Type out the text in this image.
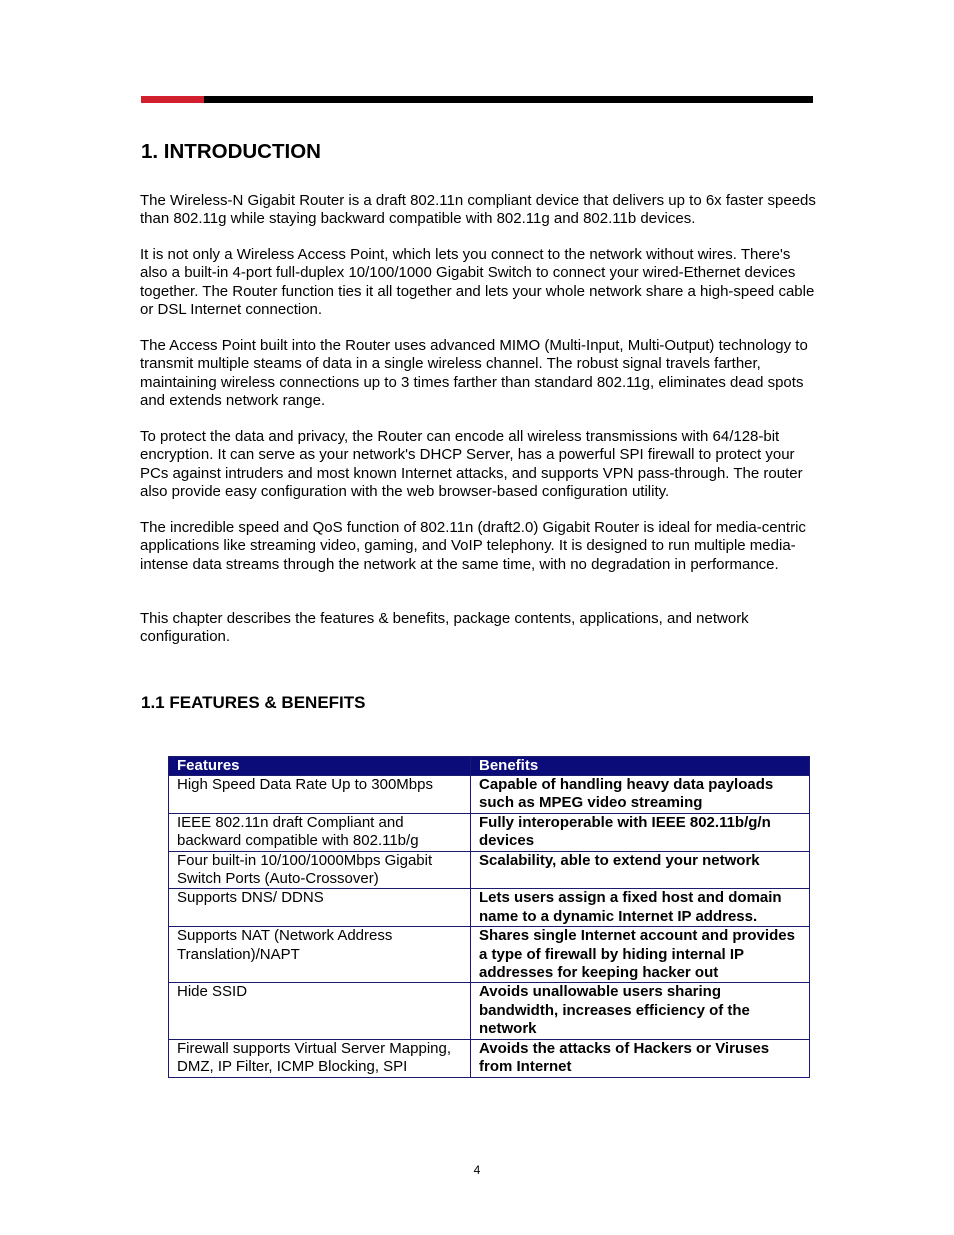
1. INTRODUCTION

The Wireless-N Gigabit Router is a draft 802.11n compliant device that delivers up to 6x faster speeds than 802.11g while staying backward compatible with 802.11g and 802.11b devices.

It is not only a Wireless Access Point, which lets you connect to the network without wires. There's also a built-in 4-port full-duplex 10/100/1000 Gigabit Switch to connect your wired-Ethernet devices together. The Router function ties it all together and lets your whole network share a high-speed cable or DSL Internet connection.

The Access Point built into the Router uses advanced MIMO (Multi-Input, Multi-Output) technology to transmit multiple steams of data in a single wireless channel. The robust signal travels farther, maintaining wireless connections up to 3 times farther than standard 802.11g, eliminates dead spots and extends network range.

To protect the data and privacy, the Router can encode all wireless transmissions with 64/128-bit encryption. It can serve as your network's DHCP Server, has a powerful SPI firewall to protect your PCs against intruders and most known Internet attacks, and supports VPN pass-through. The router also provide easy configuration with the web browser-based configuration utility.

The incredible speed and QoS function of 802.11n (draft2.0) Gigabit Router is ideal for media-centric applications like streaming video, gaming, and VoIP telephony. It is designed to run multiple media-intense data streams through the network at the same time, with no degradation in performance.

This chapter describes the features & benefits, package contents, applications, and network configuration.

1.1 FEATURES & BENEFITS
Features	Benefits
High Speed Data Rate Up to 300Mbps	Capable of handling heavy data payloads such as MPEG video streaming
IEEE 802.11n draft Compliant and backward compatible with 802.11b/g	Fully interoperable with IEEE 802.11b/g/n devices
Four built-in 10/100/1000Mbps Gigabit Switch Ports (Auto-Crossover)	Scalability, able to extend your network
Supports DNS/ DDNS	Lets users assign a fixed host and domain name to a dynamic Internet IP address.
Supports NAT (Network Address Translation)/NAPT	Shares single Internet account and provides a type of firewall by hiding internal IP addresses for keeping hacker out
Hide SSID	Avoids unallowable users sharing bandwidth, increases efficiency of the network
Firewall supports Virtual Server Mapping, DMZ, IP Filter, ICMP Blocking, SPI	Avoids the attacks of Hackers or Viruses from Internet
4
